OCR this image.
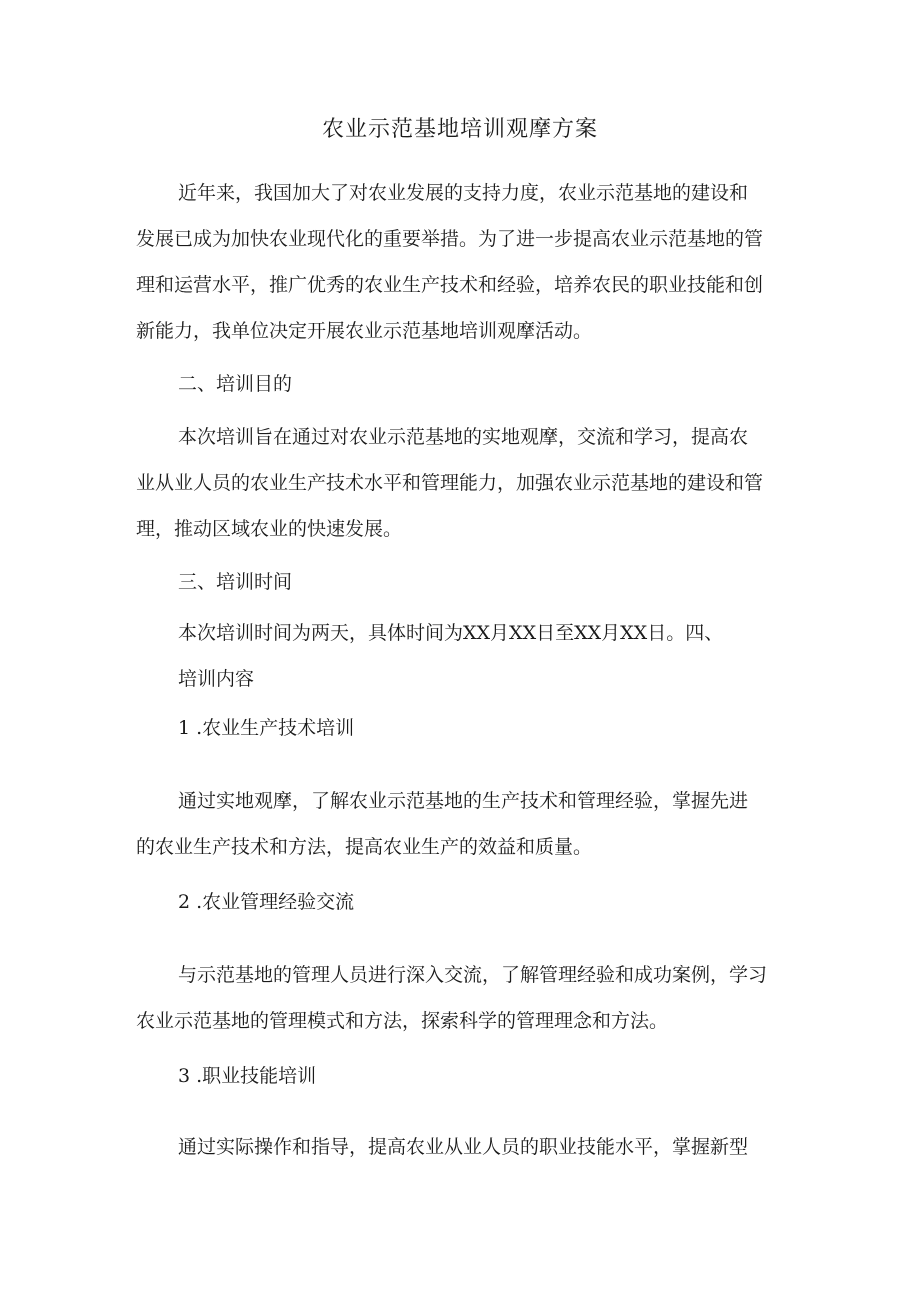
农业示范基地培训观摩方案

近年来，我国加大了对农业发展的支持力度，农业示范基地的建设和
发展已成为加快农业现代化的重要举措。为了进一步提高农业示范基地的管
理和运营水平，推广优秀的农业生产技术和经验，培养农民的职业技能和创
新能力，我单位决定开展农业示范基地培训观摩活动。

二、培训目的

本次培训旨在通过对农业示范基地的实地观摩，交流和学习，提高农
业从业人员的农业生产技术水平和管理能力，加强农业示范基地的建设和管
理，推动区域农业的快速发展。

三、培训时间

本次培训时间为两天，具体时间为XX月XX日至XX月XX日。四、
培训内容

1 .农业生产技术培训

通过实地观摩，了解农业示范基地的生产技术和管理经验，掌握先进
的农业生产技术和方法，提高农业生产的效益和质量。

2 .农业管理经验交流

与示范基地的管理人员进行深入交流，了解管理经验和成功案例，学习
农业示范基地的管理模式和方法，探索科学的管理理念和方法。

3 .职业技能培训

通过实际操作和指导，提高农业从业人员的职业技能水平，掌握新型
